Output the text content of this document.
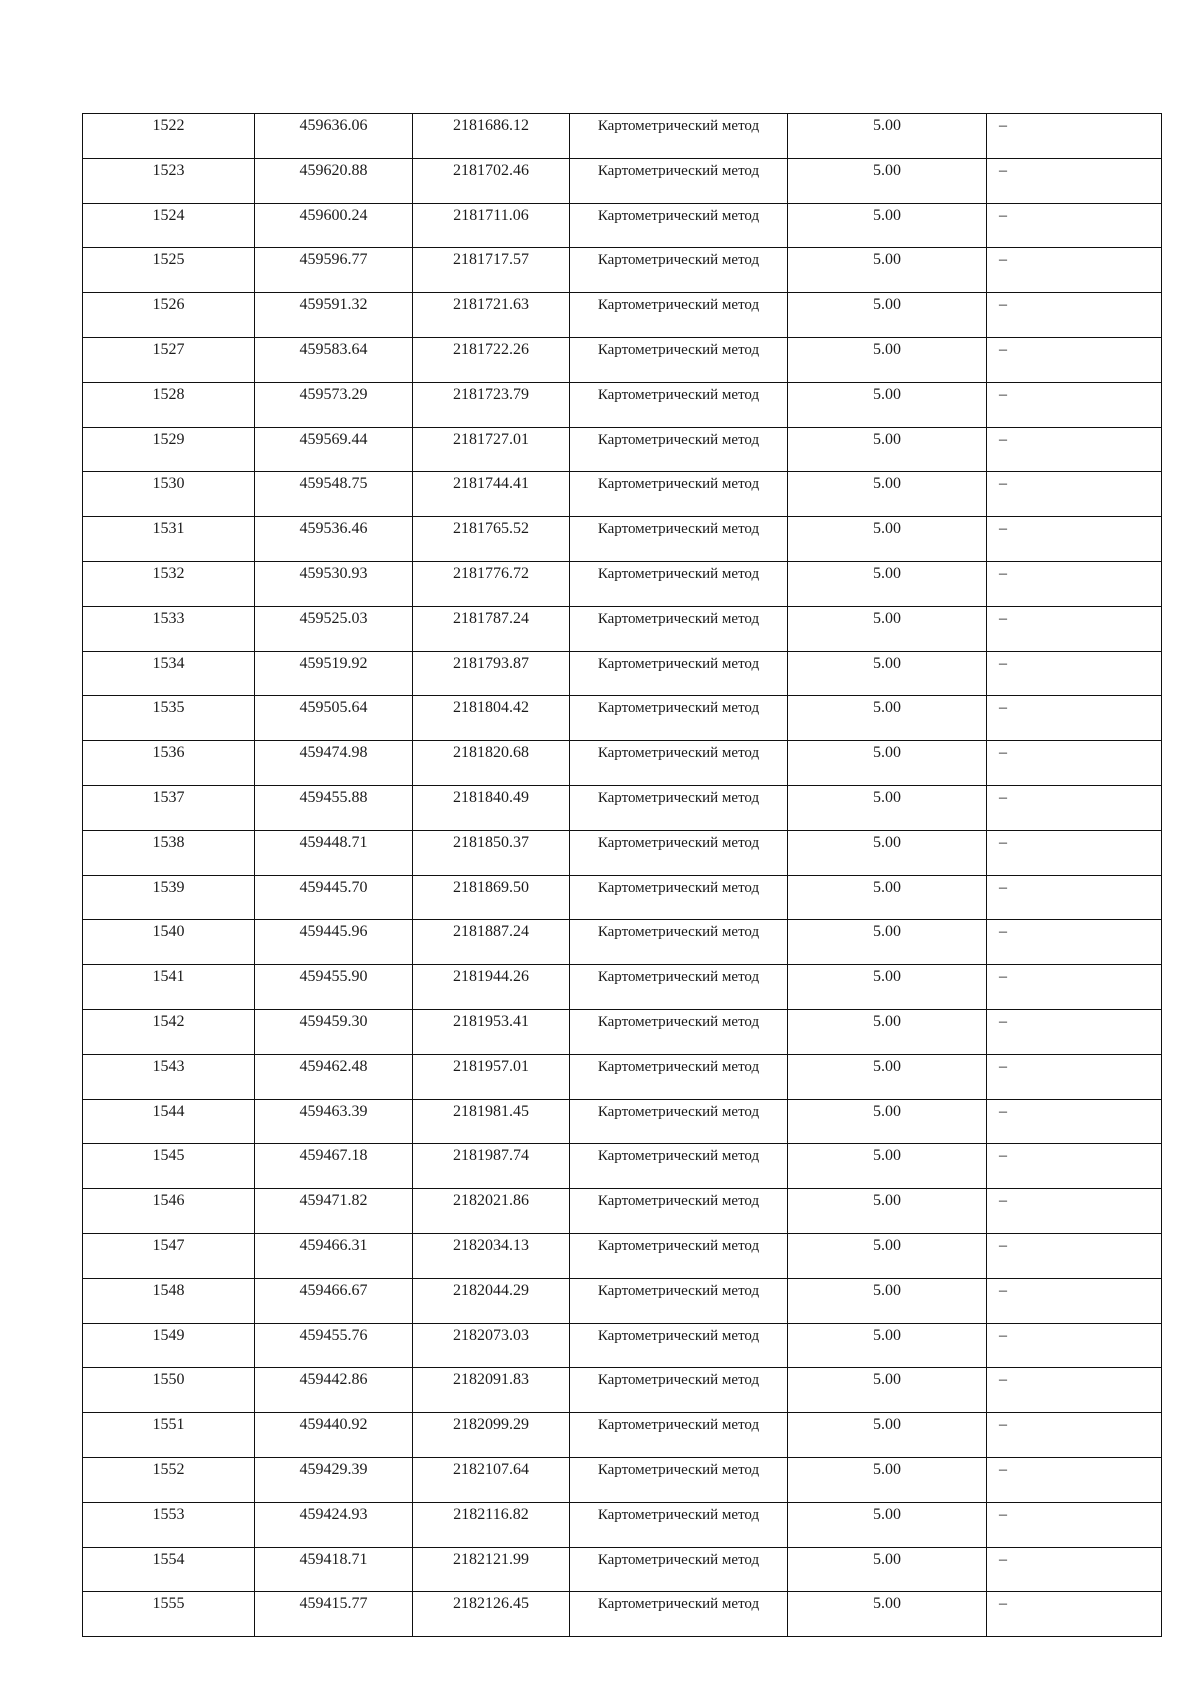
1522	459636.06	2181686.12	Картометрический метод	5.00	–
1523	459620.88	2181702.46	Картометрический метод	5.00	–
1524	459600.24	2181711.06	Картометрический метод	5.00	–
1525	459596.77	2181717.57	Картометрический метод	5.00	–
1526	459591.32	2181721.63	Картометрический метод	5.00	–
1527	459583.64	2181722.26	Картометрический метод	5.00	–
1528	459573.29	2181723.79	Картометрический метод	5.00	–
1529	459569.44	2181727.01	Картометрический метод	5.00	–
1530	459548.75	2181744.41	Картометрический метод	5.00	–
1531	459536.46	2181765.52	Картометрический метод	5.00	–
1532	459530.93	2181776.72	Картометрический метод	5.00	–
1533	459525.03	2181787.24	Картометрический метод	5.00	–
1534	459519.92	2181793.87	Картометрический метод	5.00	–
1535	459505.64	2181804.42	Картометрический метод	5.00	–
1536	459474.98	2181820.68	Картометрический метод	5.00	–
1537	459455.88	2181840.49	Картометрический метод	5.00	–
1538	459448.71	2181850.37	Картометрический метод	5.00	–
1539	459445.70	2181869.50	Картометрический метод	5.00	–
1540	459445.96	2181887.24	Картометрический метод	5.00	–
1541	459455.90	2181944.26	Картометрический метод	5.00	–
1542	459459.30	2181953.41	Картометрический метод	5.00	–
1543	459462.48	2181957.01	Картометрический метод	5.00	–
1544	459463.39	2181981.45	Картометрический метод	5.00	–
1545	459467.18	2181987.74	Картометрический метод	5.00	–
1546	459471.82	2182021.86	Картометрический метод	5.00	–
1547	459466.31	2182034.13	Картометрический метод	5.00	–
1548	459466.67	2182044.29	Картометрический метод	5.00	–
1549	459455.76	2182073.03	Картометрический метод	5.00	–
1550	459442.86	2182091.83	Картометрический метод	5.00	–
1551	459440.92	2182099.29	Картометрический метод	5.00	–
1552	459429.39	2182107.64	Картометрический метод	5.00	–
1553	459424.93	2182116.82	Картометрический метод	5.00	–
1554	459418.71	2182121.99	Картометрический метод	5.00	–
1555	459415.77	2182126.45	Картометрический метод	5.00	–
